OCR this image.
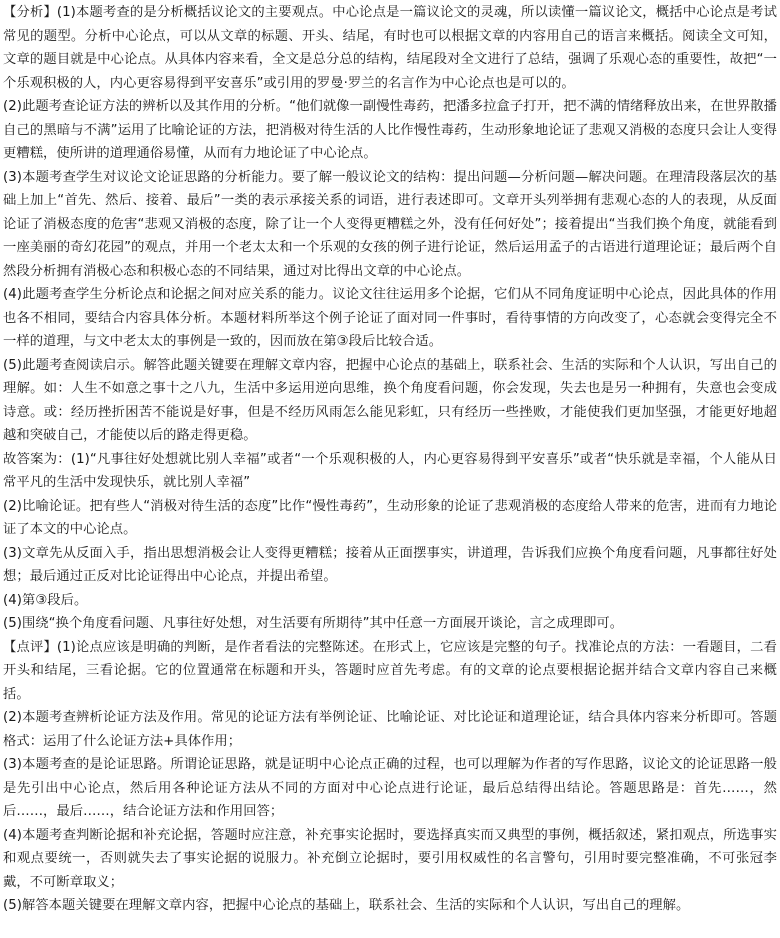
【分析】(1)本题考查的是分析概括议论文的主要观点。中心论点是一篇议论文的灵魂，所以读懂一篇议论文，概括中心论点是考试常见的题型。分析中心论点，可以从文章的标题、开头、结尾，有时也可以根据文章的内容用自己的语言来概括。阅读全文可知，文章的题目就是中心论点。从具体内容来看，全文是总分总的结构，结尾段对全文进行了总结，强调了乐观心态的重要性，故把“一个乐观积极的人，内心更容易得到平安喜乐”或引用的罗曼·罗兰的名言作为中心论点也是可以的。

(2)此题考查论证方法的辨析以及其作用的分析。“他们就像一副慢性毒药，把潘多拉盒子打开，把不满的情绪释放出来，在世界散播自己的黑暗与不满”运用了比喻论证的方法，把消极对待生活的人比作慢性毒药，生动形象地论证了悲观又消极的态度只会让人变得更糟糕，使所讲的道理通俗易懂，从而有力地论证了中心论点。

(3)本题考查学生对议论文论证思路的分析能力。要了解一般议论文的结构：提出问题—分析问题—解决问题。在理清段落层次的基础上加上“首先、然后、接着、最后”一类的表示承接关系的词语，进行表述即可。文章开头列举拥有悲观心态的人的表现，从反面论证了消极态度的危害“悲观又消极的态度，除了让一个人变得更糟糕之外，没有任何好处”；接着提出“当我们换个角度，就能看到一座美丽的奇幻花园”的观点，并用一个老太太和一个乐观的女孩的例子进行论证，然后运用孟子的古语进行道理论证；最后两个自然段分析拥有消极心态和积极心态的不同结果，通过对比得出文章的中心论点。

(4)此题考查学生分析论点和论据之间对应关系的能力。议论文往往运用多个论据，它们从不同角度证明中心论点，因此具体的作用也各不相同，要结合内容具体分析。本题材料所举这个例子论证了面对同一件事时，看待事情的方向改变了，心态就会变得完全不一样的道理，与文中老太太的事例是一致的，因而放在第③段后比较合适。

(5)此题考查阅读启示。解答此题关键要在理解文章内容，把握中心论点的基础上，联系社会、生活的实际和个人认识，写出自己的理解。如：人生不如意之事十之八九，生活中多运用逆向思维，换个角度看问题，你会发现，失去也是另一种拥有，失意也会变成诗意。或：经历挫折困苦不能说是好事，但是不经历风雨怎么能见彩虹，只有经历一些挫败，才能使我们更加坚强，才能更好地超越和突破自己，才能使以后的路走得更稳。

故答案为：(1)“凡事往好处想就比别人幸福”或者“一个乐观积极的人，内心更容易得到平安喜乐”或者“快乐就是幸福，个人能从日常平凡的生活中发现快乐，就比别人幸福”

(2)比喻论证。把有些人“消极对待生活的态度”比作“慢性毒药”，生动形象的论证了悲观消极的态度给人带来的危害，进而有力地论证了本文的中心论点。

(3)文章先从反面入手，指出思想消极会让人变得更糟糕；接着从正面摆事实，讲道理，告诉我们应换个角度看问题，凡事都往好处想；最后通过正反对比论证得出中心论点，并提出希望。

(4)第③段后。

(5)围绕“换个角度看问题、凡事往好处想，对生活要有所期待”其中任意一方面展开谈论，言之成理即可。

【点评】(1)论点应该是明确的判断，是作者看法的完整陈述。在形式上，它应该是完整的句子。找准论点的方法：一看题目，二看开头和结尾，三看论据。它的位置通常在标题和开头，答题时应首先考虑。有的文章的论点要根据论据并结合文章内容自己来概括。

(2)本题考查辨析论证方法及作用。常见的论证方法有举例论证、比喻论证、对比论证和道理论证，结合具体内容来分析即可。答题格式：运用了什么论证方法+具体作用；

(3)本题考查的是论证思路。所谓论证思路，就是证明中心论点正确的过程，也可以理解为作者的写作思路，议论文的论证思路一般是先引出中心论点，然后用各种论证方法从不同的方面对中心论点进行论证，最后总结得出结论。答题思路是：首先……，然后……，最后……，结合论证方法和作用回答；

(4)本题考查判断论据和补充论据，答题时应注意，补充事实论据时，要选择真实而又典型的事例，概括叙述，紧扣观点，所选事实和观点要统一，否则就失去了事实论据的说服力。补充倒立论据时，要引用权威性的名言警句，引用时要完整准确，不可张冠李戴，不可断章取义；

(5)解答本题关键要在理解文章内容，把握中心论点的基础上，联系社会、生活的实际和个人认识，写出自己的理解。
